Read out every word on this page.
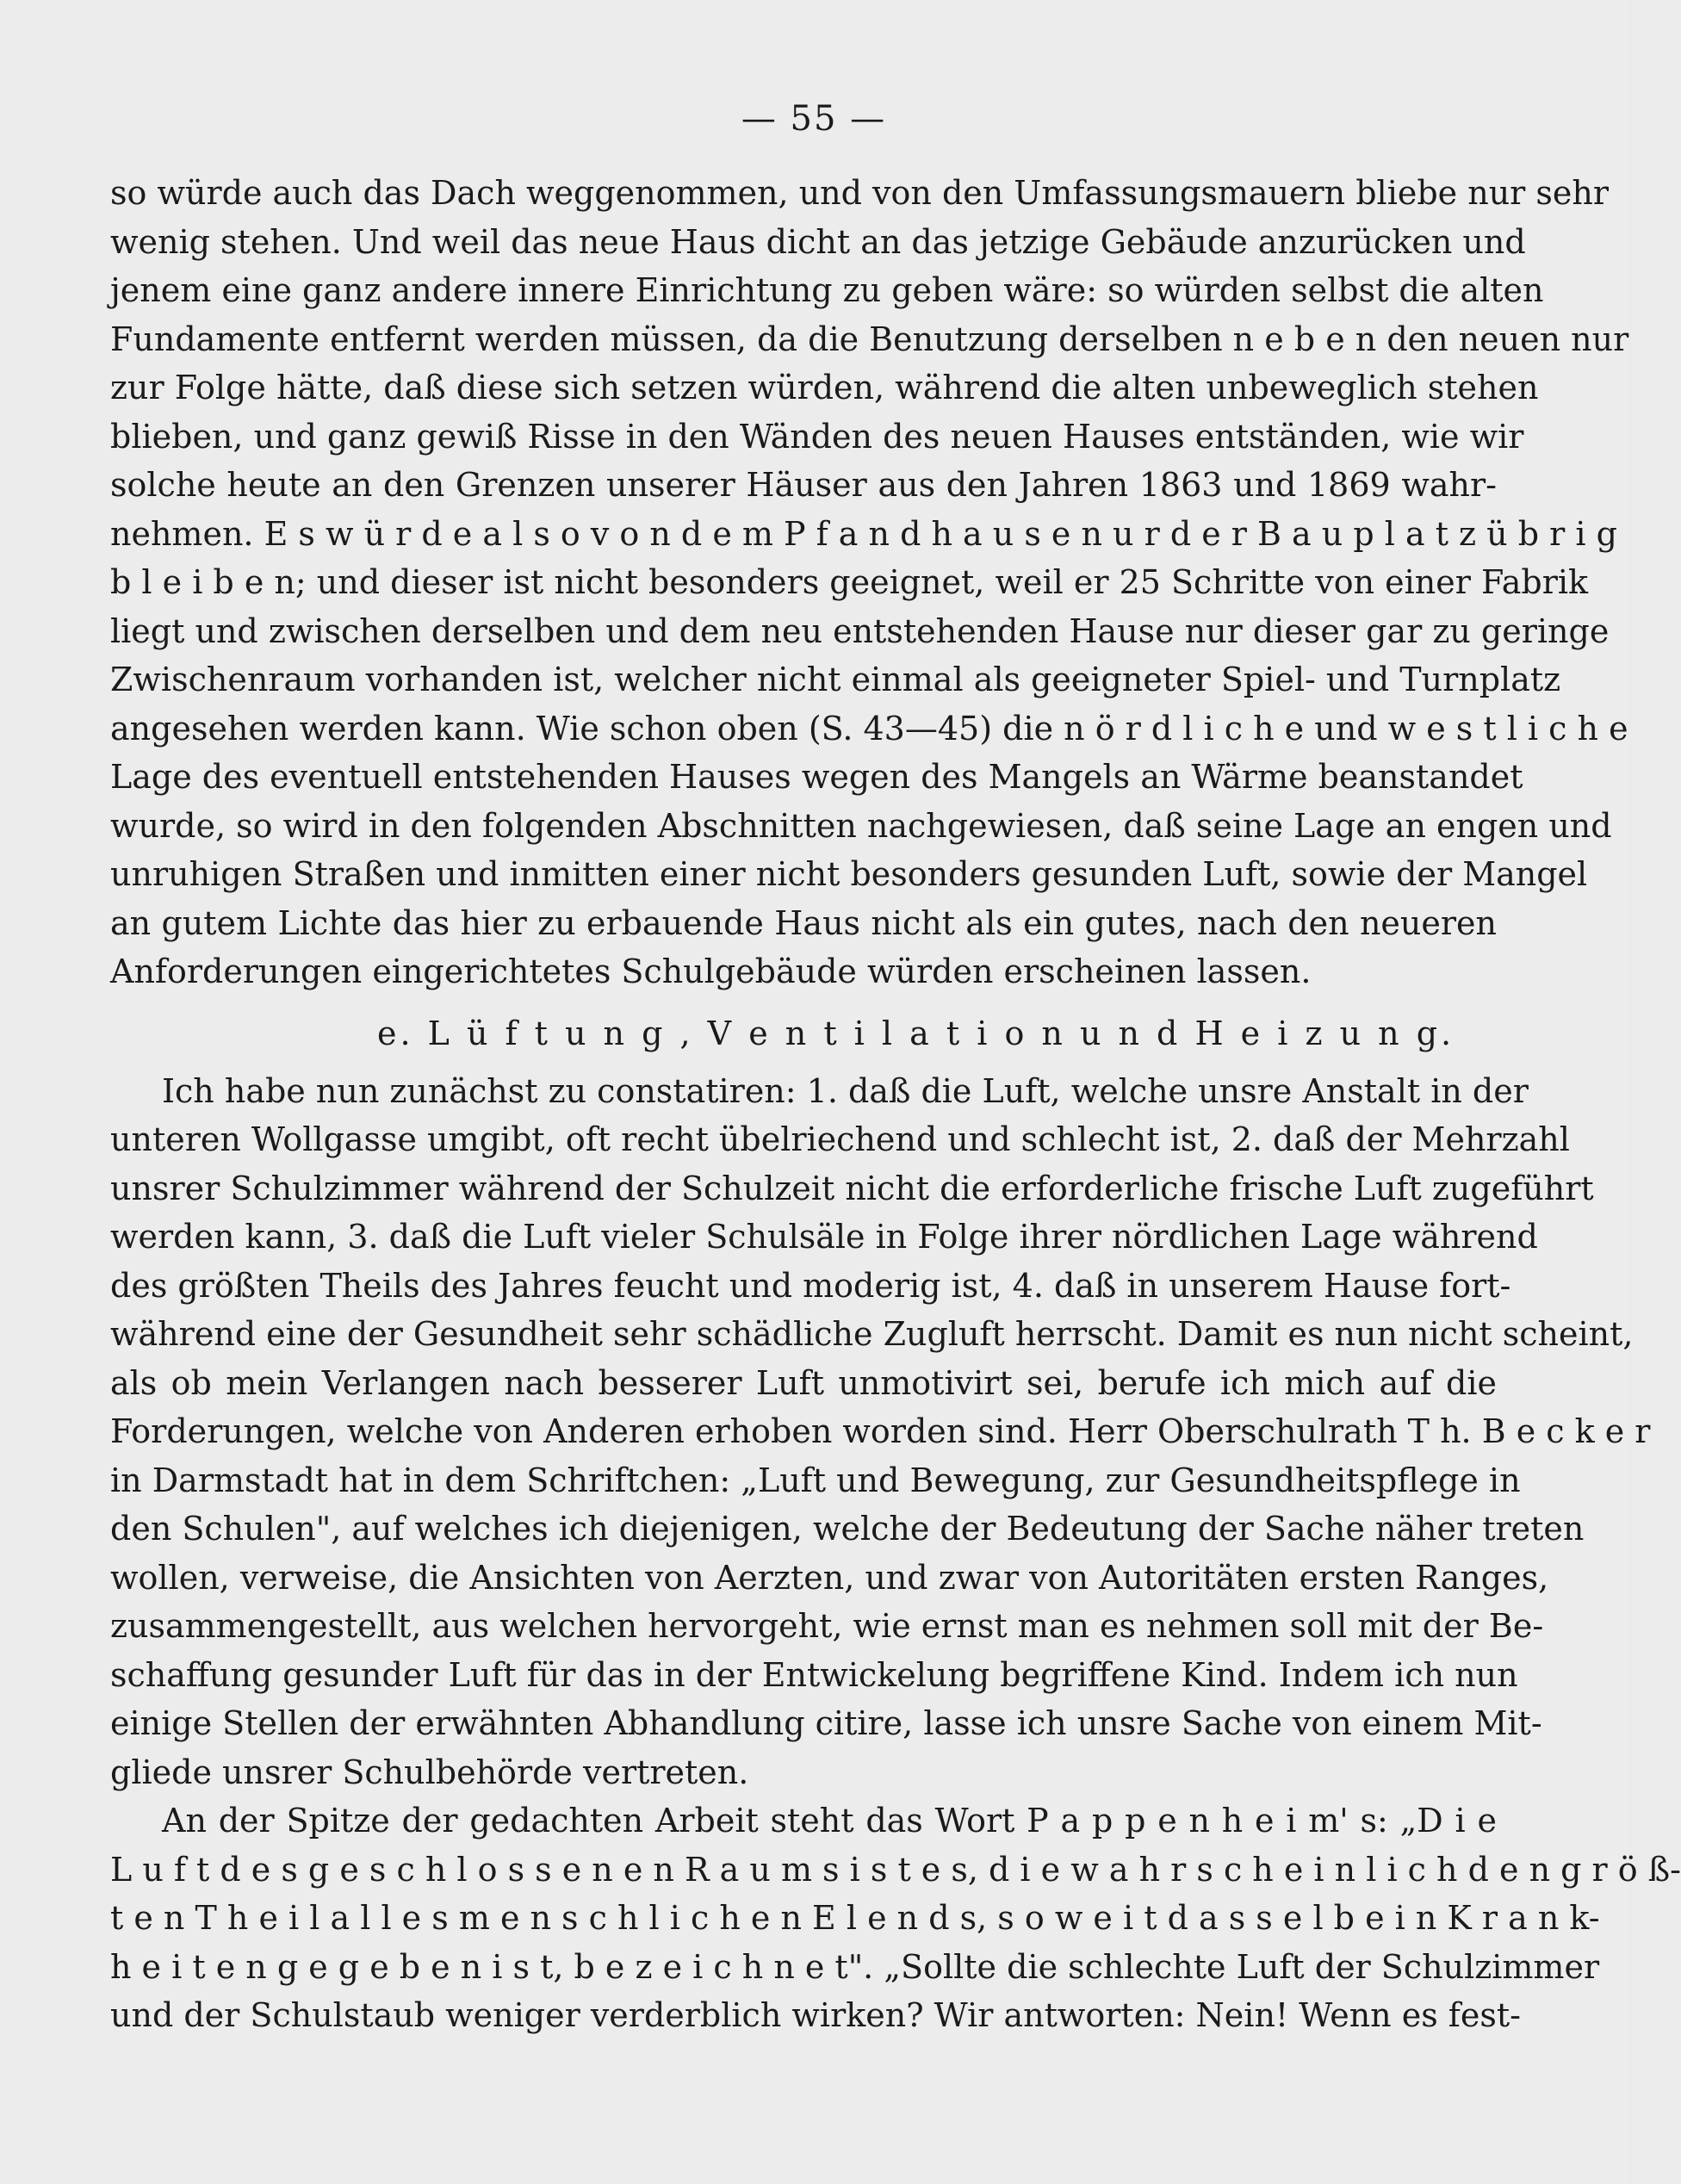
— 55 —
so würde auch das Dach weggenommen, und von den Umfassungsmauern bliebe nur sehr
wenig stehen. Und weil das neue Haus dicht an das jetzige Gebäude anzurücken und
jenem eine ganz andere innere Einrichtung zu geben wäre: so würden selbst die alten
Fundamente entfernt werden müssen, da die Benutzung derselben n e b e n den neuen nur
zur Folge hätte, daß diese sich setzen würden, während die alten unbeweglich stehen
blieben, und ganz gewiß Risse in den Wänden des neuen Hauses entständen, wie wir
solche heute an den Grenzen unserer Häuser aus den Jahren 1863 und 1869 wahr-
nehmen. E s w ü r d e a l s o v o n d e m P f a n d h a u s e n u r d e r B a u p l a t z ü b r i g
b l e i b e n; und dieser ist nicht besonders geeignet, weil er 25 Schritte von einer Fabrik
liegt und zwischen derselben und dem neu entstehenden Hause nur dieser gar zu geringe
Zwischenraum vorhanden ist, welcher nicht einmal als geeigneter Spiel- und Turnplatz
angesehen werden kann. Wie schon oben (S. 43—45) die n ö r d l i c h e und w e s t l i c h e
Lage des eventuell entstehenden Hauses wegen des Mangels an Wärme beanstandet
wurde, so wird in den folgenden Abschnitten nachgewiesen, daß seine Lage an engen und
unruhigen Straßen und inmitten einer nicht besonders gesunden Luft, sowie der Mangel
an gutem Lichte das hier zu erbauende Haus nicht als ein gutes, nach den neueren
Anforderungen eingerichtetes Schulgebäude würden erscheinen lassen.
e. L ü f t u n g , V e n t i l a t i o n u n d H e i z u n g.
Ich habe nun zunächst zu constatiren: 1. daß die Luft, welche unsre Anstalt in der
unteren Wollgasse umgibt, oft recht übelriechend und schlecht ist, 2. daß der Mehrzahl
unsrer Schulzimmer während der Schulzeit nicht die erforderliche frische Luft zugeführt
werden kann, 3. daß die Luft vieler Schulsäle in Folge ihrer nördlichen Lage während
des größten Theils des Jahres feucht und moderig ist, 4. daß in unserem Hause fort-
während eine der Gesundheit sehr schädliche Zugluft herrscht. Damit es nun nicht scheint,
als ob mein Verlangen nach besserer Luft unmotivirt sei, berufe ich mich auf die
Forderungen, welche von Anderen erhoben worden sind. Herr Oberschulrath T h. B e c k e r
in Darmstadt hat in dem Schriftchen: „Luft und Bewegung, zur Gesundheitspflege in
den Schulen", auf welches ich diejenigen, welche der Bedeutung der Sache näher treten
wollen, verweise, die Ansichten von Aerzten, und zwar von Autoritäten ersten Ranges,
zusammengestellt, aus welchen hervorgeht, wie ernst man es nehmen soll mit der Be-
schaffung gesunder Luft für das in der Entwickelung begriffene Kind. Indem ich nun
einige Stellen der erwähnten Abhandlung citire, lasse ich unsre Sache von einem Mit-
gliede unsrer Schulbehörde vertreten.
An der Spitze der gedachten Arbeit steht das Wort P a p p e n h e i m' s: „D i e
L u f t d e s g e s c h l o s s e n e n R a u m s i s t e s, d i e w a h r s c h e i n l i c h d e n g r ö ß-
t e n T h e i l a l l e s m e n s c h l i c h e n E l e n d s, s o w e i t d a s s e l b e i n K r a n k-
h e i t e n g e g e b e n i s t, b e z e i c h n e t". „Sollte die schlechte Luft der Schulzimmer
und der Schulstaub weniger verderblich wirken? Wir antworten: Nein! Wenn es fest-
